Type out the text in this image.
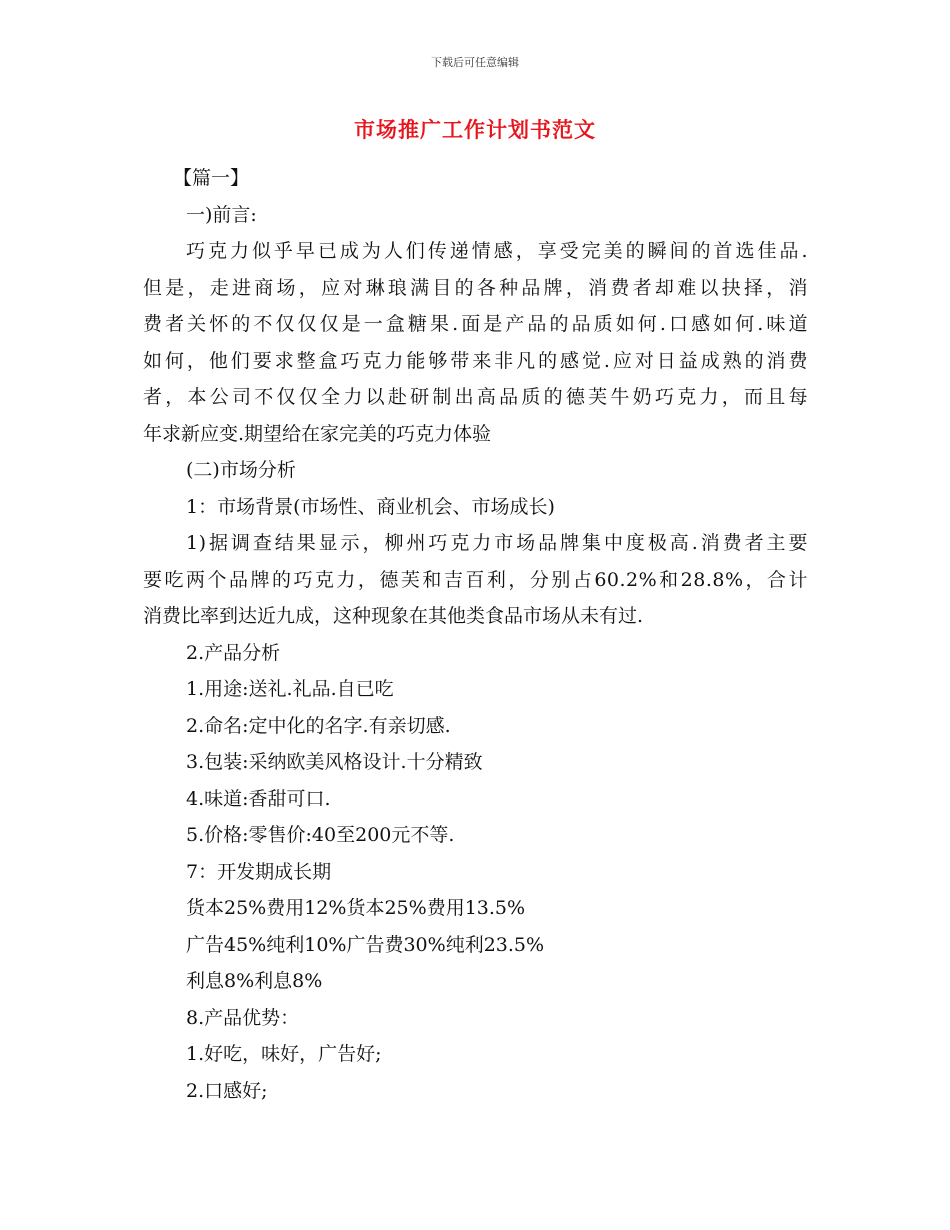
下载后可任意编辑
市场推广工作计划书范文
【篇一】
一)前言:
巧克力似乎早已成为人们传递情感，享受完美的瞬间的首选佳品.
但是，走进商场，应对琳琅满目的各种品牌，消费者却难以抉择，消
费者关怀的不仅仅仅是一盒糖果.面是产品的品质如何.口感如何.味道
如何，他们要求整盒巧克力能够带来非凡的感觉.应对日益成熟的消费
者，本公司不仅仅全力以赴研制出高品质的德芙牛奶巧克力，而且每
年求新应变.期望给在家完美的巧克力体验
(二)市场分析
1：市场背景(市场性、商业机会、市场成长)
1)据调查结果显示，柳州巧克力市场品牌集中度极高.消费者主要
要吃两个品牌的巧克力，德芙和吉百利，分别占60.2%和28.8%，合计
消费比率到达近九成，这种现象在其他类食品市场从未有过.
2.产品分析
1.用途:送礼.礼品.自已吃
2.命名:定中化的名字.有亲切感.
3.包装:采纳欧美风格设计.十分精致
4.味道:香甜可口.
5.价格:零售价:40至200元不等.
7：开发期成长期
货本25%费用12%货本25%费用13.5%
广告45%纯利10%广告费30%纯利23.5%
利息8%利息8%
8.产品优势：
1.好吃，味好，广告好;
2.口感好;
